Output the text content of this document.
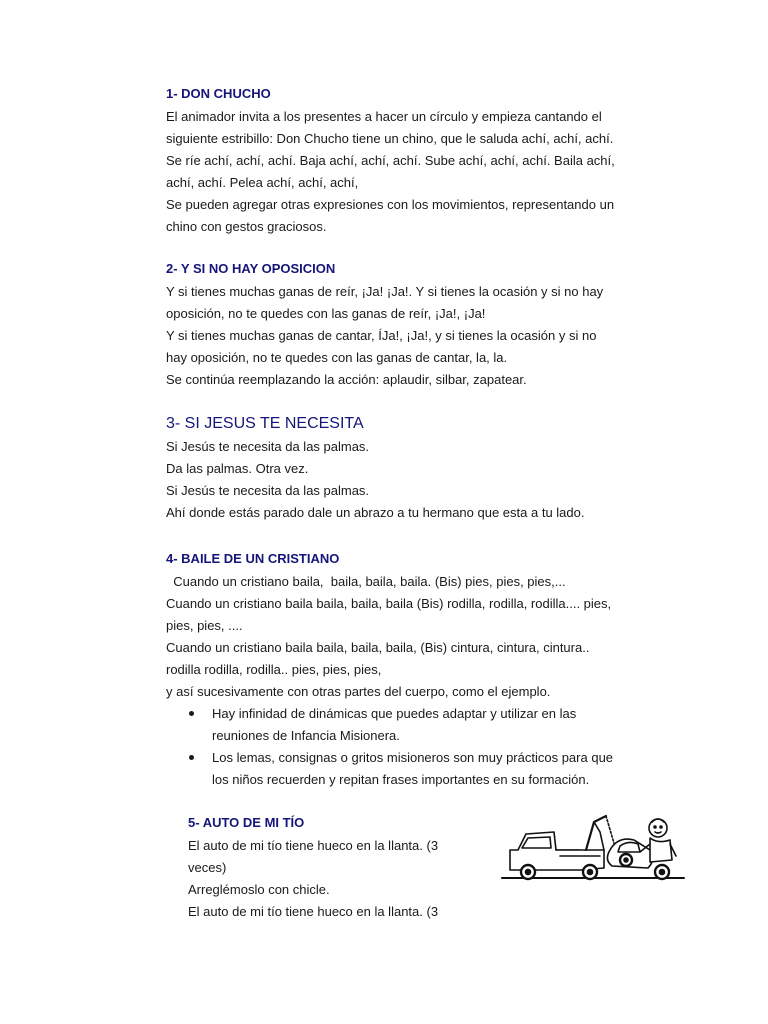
1- DON CHUCHO

El animador invita a los presentes a hacer un círculo y empieza cantando el

siguiente estribillo: Don Chucho tiene un chino, que le saluda achí, achí, achí.

Se ríe achí, achí, achí. Baja achí, achí, achí. Sube achí, achí, achí. Baila achí,

achí, achí. Pelea achí, achí, achí,

Se pueden agregar otras expresiones con los movimientos, representando un

chino con gestos graciosos.

2- Y SI NO HAY OPOSICION

Y si tienes muchas ganas de reír, ¡Ja! ¡Ja!. Y si tienes la ocasión y si no hay

oposición, no te quedes con las ganas de reír, ¡Ja!, ¡Ja!

Y si tienes muchas ganas de cantar, ÍJa!, ¡Ja!, y si tienes la ocasión y si no

hay oposición, no te quedes con las ganas de cantar, la, la.

Se continúa reemplazando la acción: aplaudir, silbar, zapatear.

3- SI JESUS TE NECESITA

Si Jesús te necesita da las palmas.

Da las palmas. Otra vez.

Si Jesús te necesita da las palmas.

Ahí donde estás parado dale un abrazo a tu hermano que esta a tu lado.

4- BAILE DE UN CRISTIANO

Cuando un cristiano baila,  baila, baila, baila. (Bis) pies, pies, pies,...

Cuando un cristiano baila baila, baila, baila (Bis) rodilla, rodilla, rodilla.... pies,

pies, pies, ....

Cuando un cristiano baila baila, baila, baila, (Bis) cintura, cintura, cintura..

rodilla rodilla, rodilla.. pies, pies, pies,

y así sucesivamente con otras partes del cuerpo, como el ejemplo.

Hay infinidad de dinámicas que puedes adaptar y utilizar en las
reuniones de Infancia Misionera.
Los lemas, consignas o gritos misioneros son muy prácticos para que
los niños recuerden y repitan frases importantes en su formación.
5- AUTO DE MI TÍO

El auto de mi tío tiene hueco en la llanta. (3

veces)

Arreglémoslo con chicle.

El auto de mi tío tiene hueco en la llanta. (3
